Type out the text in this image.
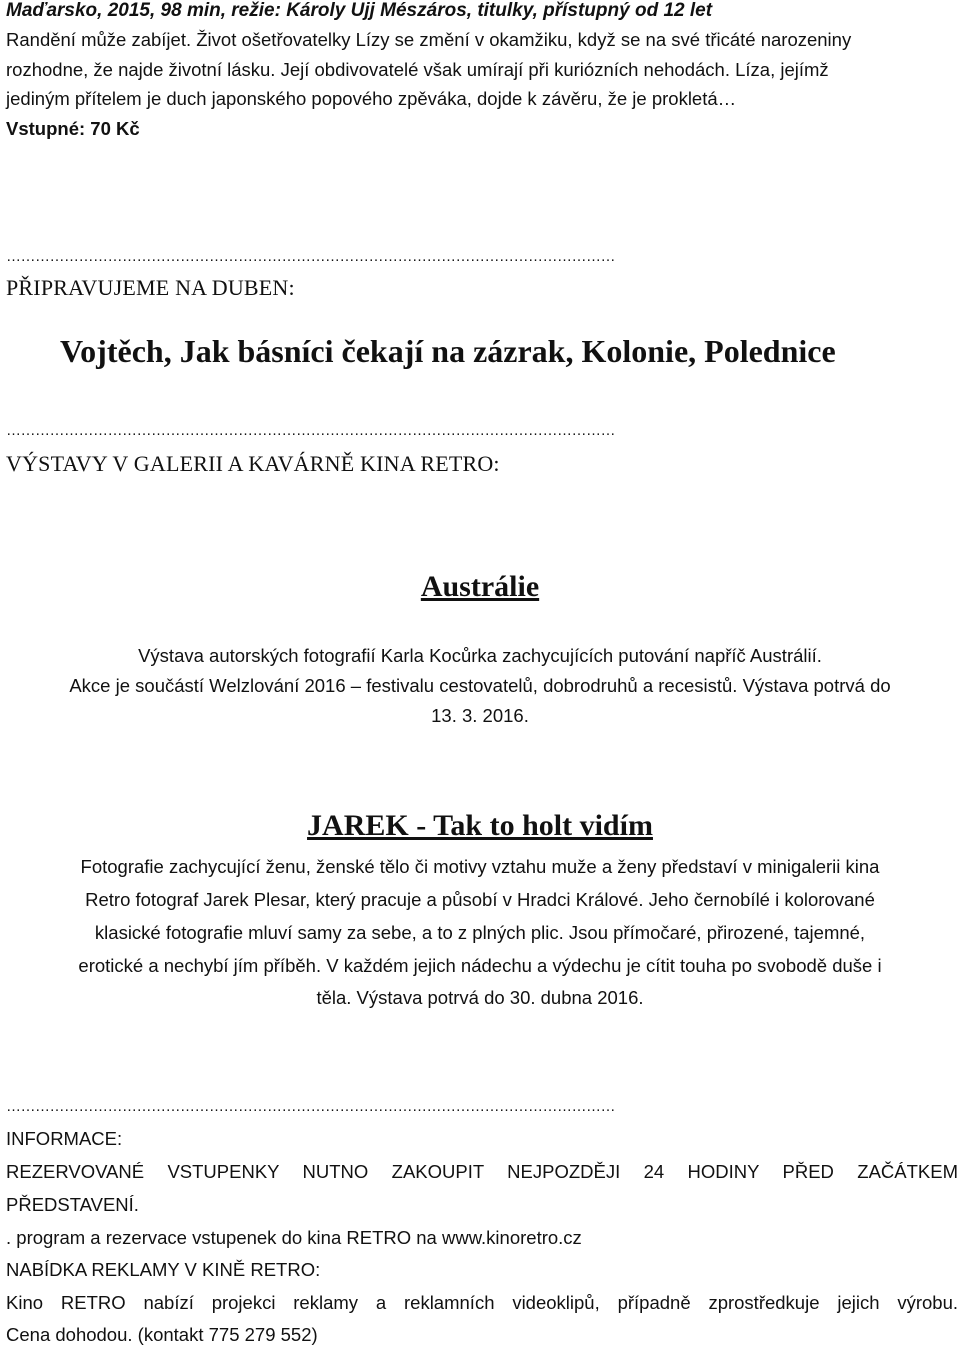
Maďarsko, 2015, 98 min, režie: Károly Ujj Mészáros, titulky, přístupný od 12 let

Randění může zabíjet. Život ošetřovatelky Lízy se změní v okamžiku, když se na své třicáté narozeniny

rozhodne, že najde životní lásku. Její obdivovatelé však umírají při kuriózních nehodách. Líza, jejímž

jediným přítelem je duch japonského popového zpěváka, dojde k závěru, že je prokletá…

Vstupné: 70 Kč

………………………………………………………………………………………………………………

PŘIPRAVUJEME NA DUBEN:

Vojtěch, Jak básníci čekají na zázrak, Kolonie, Polednice

………………………………………………………………………………………………………………

VÝSTAVY V GALERII A KAVÁRNĚ KINA RETRO:

Austrálie

Výstava autorských fotografií Karla Kocůrka zachycujících putování napříč Austrálií.

Akce je součástí Welzlování 2016 – festivalu cestovatelů, dobrodruhů a recesistů. Výstava potrvá do

13. 3. 2016.

JAREK - Tak to holt vidím

Fotografie zachycující ženu, ženské tělo či motivy vztahu muže a ženy představí v minigalerii kina

Retro fotograf Jarek Plesar, který pracuje a působí v Hradci Králové. Jeho černobílé i kolorované

klasické fotografie mluví samy za sebe, a to z plných plic. Jsou přímočaré, přirozené, tajemné,

erotické a nechybí jím příběh. V každém jejich nádechu a výdechu je cítit touha po svobodě duše i

těla. Výstava potrvá do 30. dubna 2016.

………………………………………………………………………………………………………………

INFORMACE:

REZERVOVANÉ VSTUPENKY NUTNO ZAKOUPIT NEJPOZDĚJI 24 HODINY PŘED ZAČÁTKEM

PŘEDSTAVENÍ.

. program a rezervace vstupenek do kina RETRO na www.kinoretro.cz

NABÍDKA REKLAMY V KINĚ RETRO:

Kino RETRO nabízí projekci reklamy a reklamních videoklipů, případně zprostředkuje jejich výrobu.

Cena dohodou. (kontakt 775 279 552)
